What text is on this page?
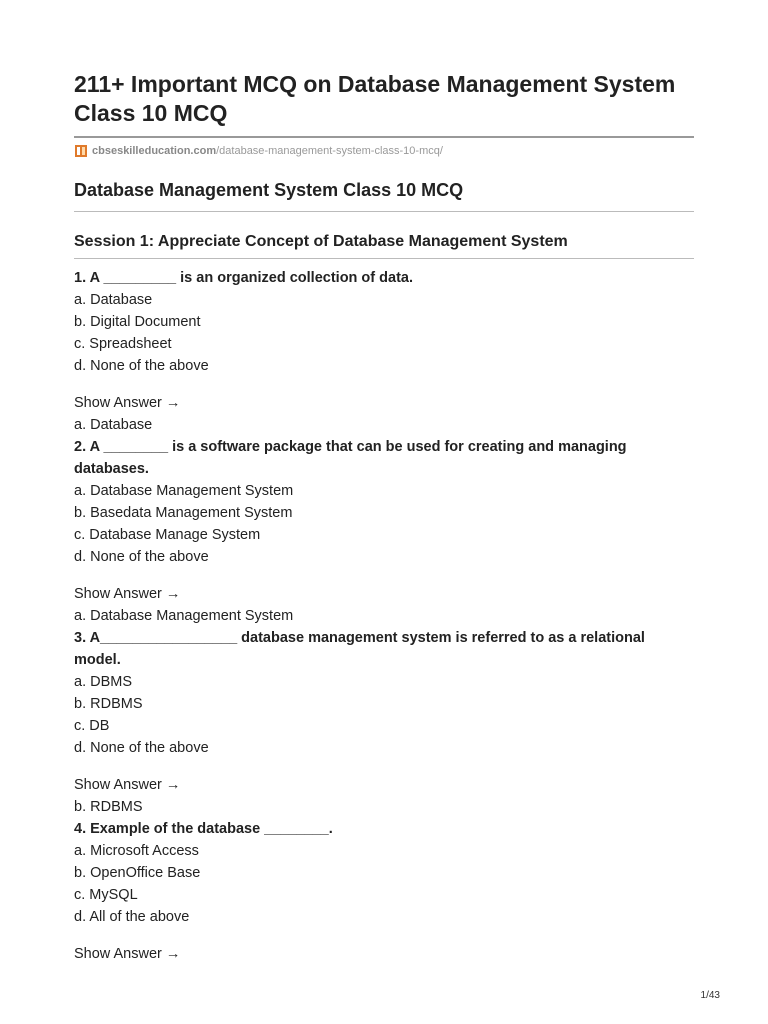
211+ Important MCQ on Database Management System Class 10 MCQ
cbseskilleducation.com /database-management-system-class-10-mcq/
Database Management System Class 10 MCQ
Session 1: Appreciate Concept of Database Management System

1. A _________ is an organized collection of data.

a. Database

b. Digital Document

c. Spreadsheet

d. None of the above

Show Answer →
a. Database

2. A ________ is a software package that can be used for creating and managing databases.

a. Database Management System

b. Basedata Management System

c. Database Manage System

d. None of the above

Show Answer →
a. Database Management System

3. A_________________ database management system is referred to as a relational model.

a. DBMS

b. RDBMS

c. DB

d. None of the above

Show Answer →
b. RDBMS

4. Example of the database ________.

a. Microsoft Access

b. OpenOffice Base

c. MySQL

d. All of the above

Show Answer →
1/43
